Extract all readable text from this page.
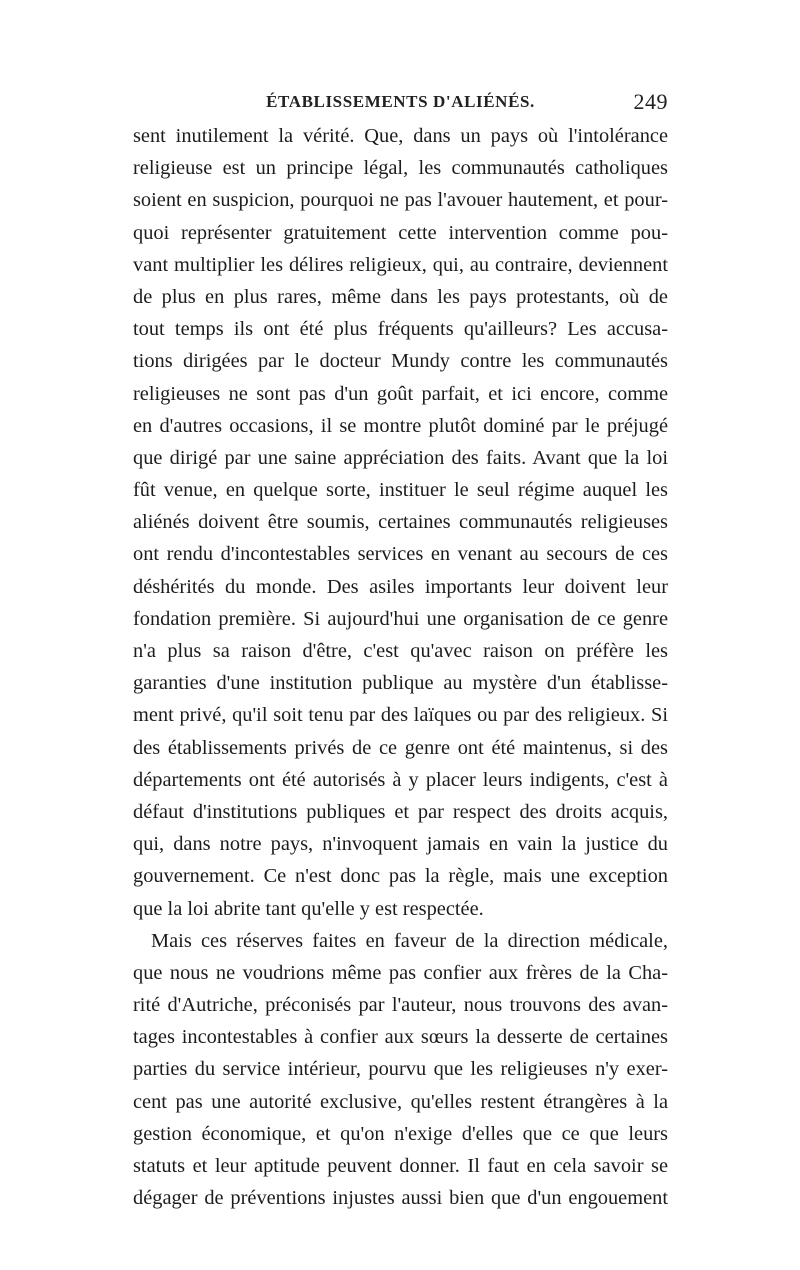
ÉTABLISSEMENTS D'ALIÉNÉS.	249
sent inutilement la vérité. Que, dans un pays où l'intolérance
religieuse est un principe légal, les communautés catholiques
soient en suspicion, pourquoi ne pas l'avouer hautement, et pour-
quoi représenter gratuitement cette intervention comme pou-
vant multiplier les délires religieux, qui, au contraire, deviennent
de plus en plus rares, même dans les pays protestants, où de
tout temps ils ont été plus fréquents qu'ailleurs? Les accusa-
tions dirigées par le docteur Mundy contre les communautés
religieuses ne sont pas d'un goût parfait, et ici encore, comme
en d'autres occasions, il se montre plutôt dominé par le préjugé
que dirigé par une saine appréciation des faits. Avant que la loi
fût venue, en quelque sorte, instituer le seul régime auquel les
aliénés doivent être soumis, certaines communautés religieuses
ont rendu d'incontestables services en venant au secours de ces
déshérités du monde. Des asiles importants leur doivent leur
fondation première. Si aujourd'hui une organisation de ce genre
n'a plus sa raison d'être, c'est qu'avec raison on préfère les
garanties d'une institution publique au mystère d'un établisse-
ment privé, qu'il soit tenu par des laïques ou par des religieux. Si
des établissements privés de ce genre ont été maintenus, si des
départements ont été autorisés à y placer leurs indigents, c'est à
défaut d'institutions publiques et par respect des droits acquis,
qui, dans notre pays, n'invoquent jamais en vain la justice du
gouvernement. Ce n'est donc pas la règle, mais une exception
que la loi abrite tant qu'elle y est respectée.
Mais ces réserves faites en faveur de la direction médicale,
que nous ne voudrions même pas confier aux frères de la Cha-
rité d'Autriche, préconisés par l'auteur, nous trouvons des avan-
tages incontestables à confier aux sœurs la desserte de certaines
parties du service intérieur, pourvu que les religieuses n'y exer-
cent pas une autorité exclusive, qu'elles restent étrangères à la
gestion économique, et qu'on n'exige d'elles que ce que leurs
statuts et leur aptitude peuvent donner. Il faut en cela savoir se
dégager de préventions injustes aussi bien que d'un engouement
